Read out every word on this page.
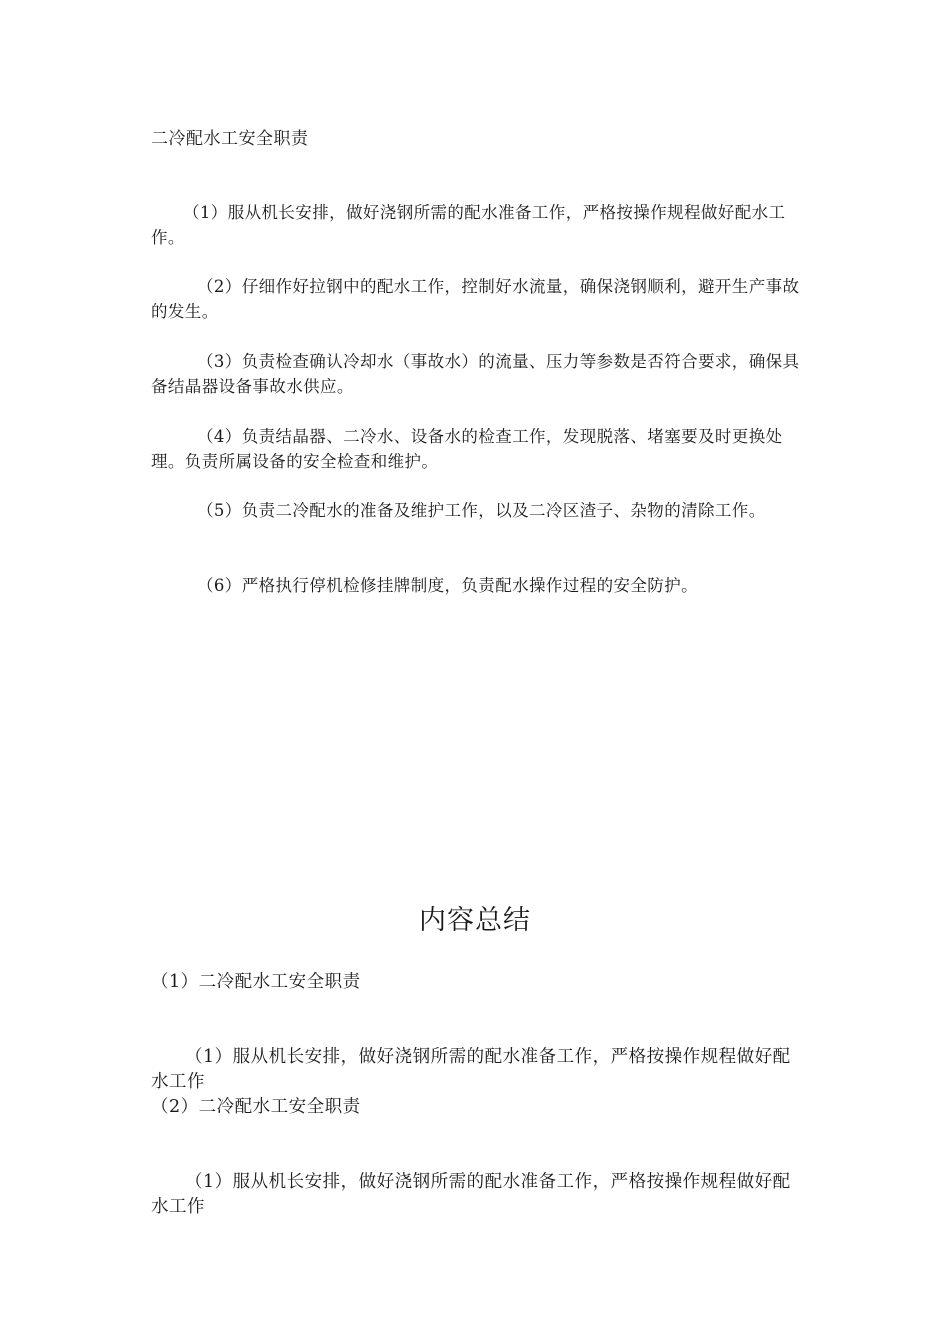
二冷配水工安全职责

（1）服从机长安排，做好浇钢所需的配水准备工作，严格按操作规程做好配水工作。

（2）仔细作好拉钢中的配水工作，控制好水流量，确保浇钢顺利，避开生产事故的发生。

（3）负责检查确认冷却水（事故水）的流量、压力等参数是否符合要求，确保具备结晶器设备事故水供应。

（4）负责结晶器、二冷水、设备水的检查工作，发现脱落、堵塞要及时更换处理。负责所属设备的安全检查和维护。

（5）负责二冷配水的准备及维护工作，以及二冷区渣子、杂物的清除工作。

（6）严格执行停机检修挂牌制度，负责配水操作过程的安全防护。

内容总结
（1）二冷配水工安全职责

（1）服从机长安排，做好浇钢所需的配水准备工作，严格按操作规程做好配水工作

（2）二冷配水工安全职责

（1）服从机长安排，做好浇钢所需的配水准备工作，严格按操作规程做好配水工作
